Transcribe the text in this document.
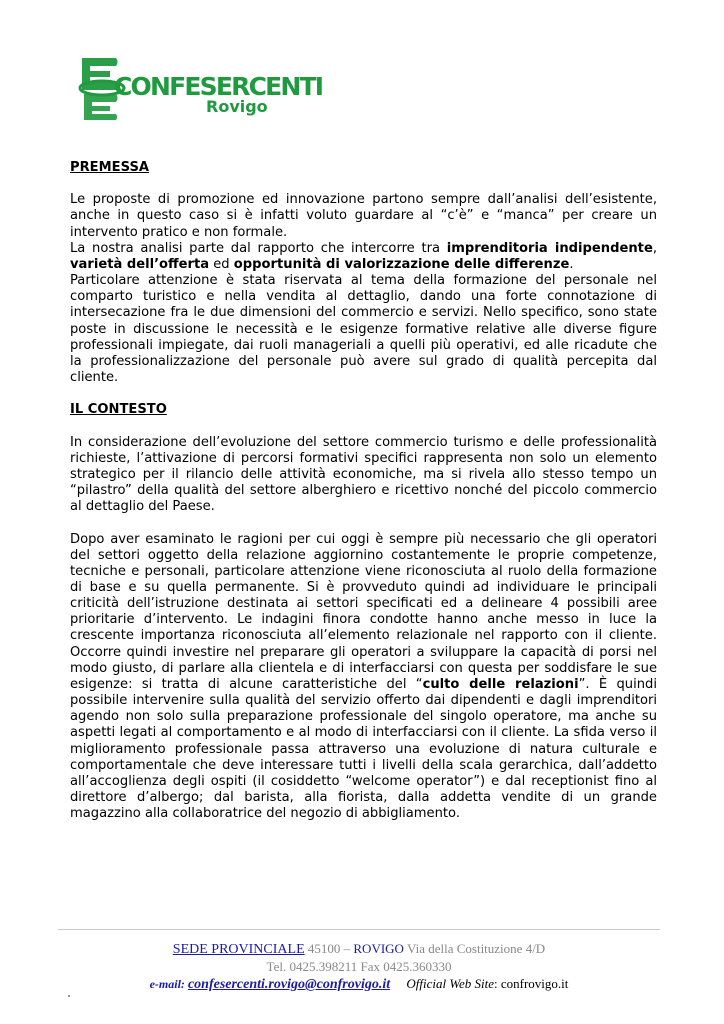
CONFESERCENTI
Rovigo

PREMESSA

Le proposte di promozione ed innovazione partono sempre dall’analisi dell’esistente, anche in questo caso si è infatti voluto guardare al “c’è” e “manca” per creare un intervento pratico e non formale.

La nostra analisi parte dal rapporto che intercorre tra imprenditoria indipendente, varietà dell’offerta ed opportunità di valorizzazione delle differenze.

Particolare attenzione è stata riservata al tema della formazione del personale nel comparto turistico e nella vendita al dettaglio, dando una forte connotazione di intersecazione fra le due dimensioni del commercio e servizi. Nello specifico, sono state poste in discussione le necessità e le esigenze formative relative alle diverse figure professionali impiegate, dai ruoli manageriali a quelli più operativi, ed alle ricadute che la professionalizzazione del personale può avere sul grado di qualità percepita dal cliente.

IL CONTESTO

In considerazione dell’evoluzione del settore commercio turismo e delle professionalità richieste, l’attivazione di percorsi formativi specifici rappresenta non solo un elemento strategico per il rilancio delle attività economiche, ma si rivela allo stesso tempo un “pilastro” della qualità del settore alberghiero e ricettivo nonché del piccolo commercio al dettaglio del Paese.

Dopo aver esaminato le ragioni per cui oggi è sempre più necessario che gli operatori del settori oggetto della relazione aggiornino costantemente le proprie competenze, tecniche e personali, particolare attenzione viene riconosciuta al ruolo della formazione di base e su quella permanente. Si è provveduto quindi ad individuare le principali criticità dell’istruzione destinata ai settori specificati ed a delineare 4 possibili aree prioritarie d’intervento. Le indagini finora condotte hanno anche messo in luce la crescente importanza riconosciuta all’elemento relazionale nel rapporto con il cliente. Occorre quindi investire nel preparare gli operatori a sviluppare la capacità di porsi nel modo giusto, di parlare alla clientela e di interfacciarsi con questa per soddisfare le sue esigenze: si tratta di alcune caratteristiche del “culto delle relazioni”. È quindi possibile intervenire sulla qualità del servizio offerto dai dipendenti e dagli imprenditori agendo non solo sulla preparazione professionale del singolo operatore, ma anche su aspetti legati al comportamento e al modo di interfacciarsi con il cliente. La sfida verso il miglioramento professionale passa attraverso una evoluzione di natura culturale e comportamentale che deve interessare tutti i livelli della scala gerarchica, dall’addetto all’accoglienza degli ospiti (il cosiddetto “welcome operator”) e dal receptionist fino al direttore d’albergo; dal barista, alla fiorista, dalla addetta vendite di un grande magazzino alla collaboratrice del negozio di abbigliamento.

SEDE PROVINCIALE 45100 – ROVIGO Via della Costituzione 4/D
Tel. 0425.398211 Fax 0425.360330
e-mail: confesercenti.rovigo@confrovigo.it Official Web Site: confrovigo.it
